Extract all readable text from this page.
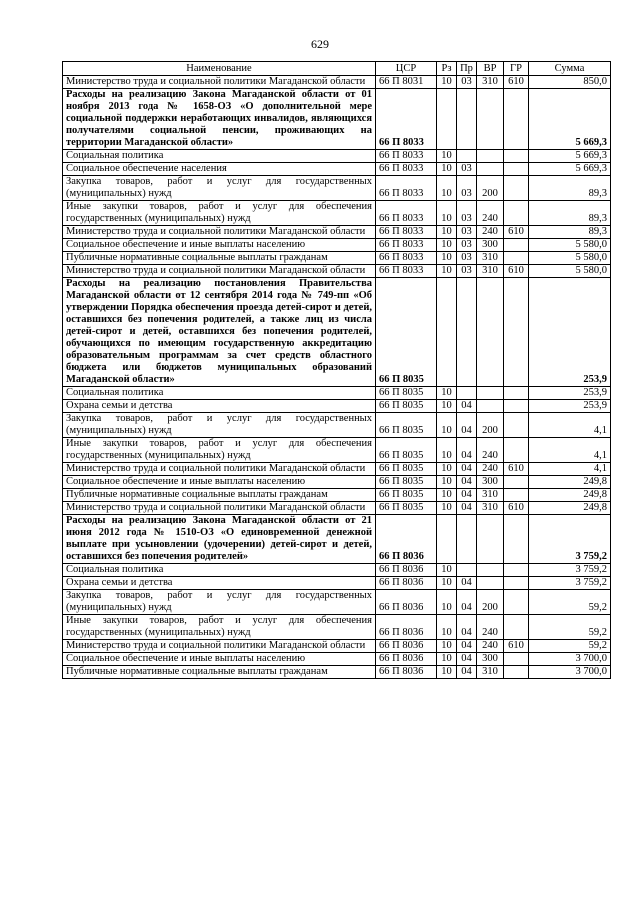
629
Наименование	ЦСР	Рз	Пр	ВР	ГР	Сумма
Министерство труда и социальной политики Магаданской области	66 П 8031	10	03	310	610	850,0
Расходы на реализацию Закона Магаданской области от 01 ноября 2013 года № 1658-ОЗ «О дополнительной мере социальной поддержки неработающих инвалидов, являющихся получателями социальной пенсии, проживающих на территории Магаданской области»	66 П 8033					5 669,3
Социальная политика	66 П 8033	10				5 669,3
Социальное обеспечение населения	66 П 8033	10	03			5 669,3
Закупка товаров, работ и услуг для государственных (муниципальных) нужд	66 П 8033	10	03	200		89,3
Иные закупки товаров, работ и услуг для обеспечения государственных (муниципальных) нужд	66 П 8033	10	03	240		89,3
Министерство труда и социальной политики Магаданской области	66 П 8033	10	03	240	610	89,3
Социальное обеспечение и иные выплаты населению	66 П 8033	10	03	300		5 580,0
Публичные нормативные социальные выплаты гражданам	66 П 8033	10	03	310		5 580,0
Министерство труда и социальной политики Магаданской области	66 П 8033	10	03	310	610	5 580,0
Расходы на реализацию постановления Правительства Магаданской области от 12 сентября 2014 года № 749-пп «Об утверждении Порядка обеспечения проезда детей-сирот и детей, оставшихся без попечения родителей, а также лиц из числа детей-сирот и детей, оставшихся без попечения родителей, обучающихся по имеющим государственную аккредитацию образовательным программам за счет средств областного бюджета или бюджетов муниципальных образований Магаданской области»	66 П 8035					253,9
Социальная политика	66 П 8035	10				253,9
Охрана семьи и детства	66 П 8035	10	04			253,9
Закупка товаров, работ и услуг для государственных (муниципальных) нужд	66 П 8035	10	04	200		4,1
Иные закупки товаров, работ и услуг для обеспечения государственных (муниципальных) нужд	66 П 8035	10	04	240		4,1
Министерство труда и социальной политики Магаданской области	66 П 8035	10	04	240	610	4,1
Социальное обеспечение и иные выплаты населению	66 П 8035	10	04	300		249,8
Публичные нормативные социальные выплаты гражданам	66 П 8035	10	04	310		249,8
Министерство труда и социальной политики Магаданской области	66 П 8035	10	04	310	610	249,8
Расходы на реализацию Закона Магаданской области от 21 июня 2012 года № 1510-ОЗ «О единовременной денежной выплате при усыновлении (удочерении) детей-сирот и детей, оставшихся без попечения родителей»	66 П 8036					3 759,2
Социальная политика	66 П 8036	10				3 759,2
Охрана семьи и детства	66 П 8036	10	04			3 759,2
Закупка товаров, работ и услуг для государственных (муниципальных) нужд	66 П 8036	10	04	200		59,2
Иные закупки товаров, работ и услуг для обеспечения государственных (муниципальных) нужд	66 П 8036	10	04	240		59,2
Министерство труда и социальной политики Магаданской области	66 П 8036	10	04	240	610	59,2
Социальное обеспечение и иные выплаты населению	66 П 8036	10	04	300		3 700,0
Публичные нормативные социальные выплаты гражданам	66 П 8036	10	04	310		3 700,0
